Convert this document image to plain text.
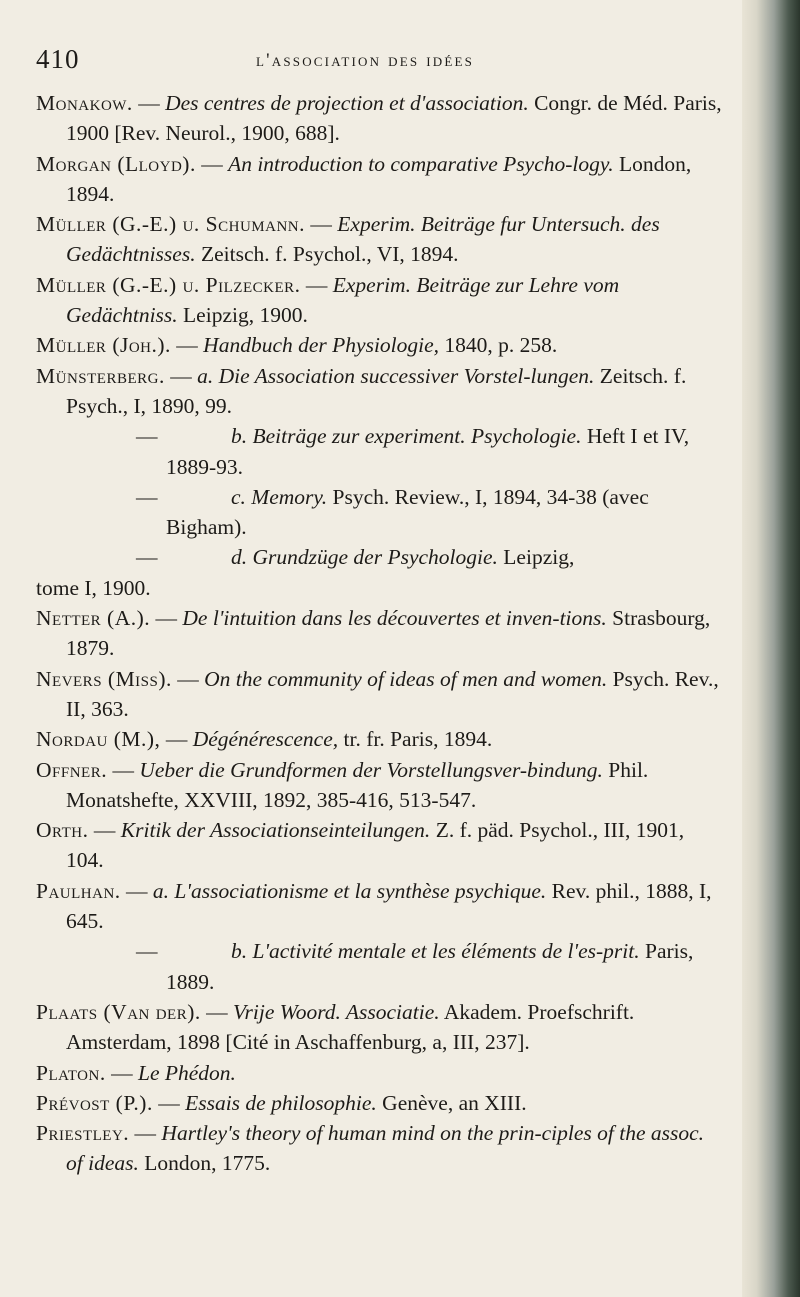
410	l'association des idées

Monakow. — Des centres de projection et d'association. Congr. de Méd. Paris, 1900 [Rev. Neurol., 1900, 688].

Morgan (Lloyd). — An introduction to comparative Psycho-logy. London, 1894.

Müller (G.-E.) u. Schumann. — Experim. Beiträge fur Untersuch. des Gedächtnisses. Zeitsch. f. Psychol., VI, 1894.

Müller (G.-E.) u. Pilzecker. — Experim. Beiträge zur Lehre vom Gedächtniss. Leipzig, 1900.

Müller (Joh.). — Handbuch der Physiologie, 1840, p. 258.

Münsterberg. — a. Die Association successiver Vorstel-lungen. Zeitsch. f. Psych., I, 1890, 99.

—	b. Beiträge zur experiment. Psychologie. Heft I et IV, 1889-93.

—	c. Memory. Psych. Review., I, 1894, 34-38 (avec Bigham).

—	d. Grundzüge der Psychologie. Leipzig,

tome I, 1900.

Netter (A.). — De l'intuition dans les découvertes et inven-tions. Strasbourg, 1879.

Nevers (Miss). — On the community of ideas of men and women. Psych. Rev., II, 363.

Nordau (M.), — Dégénérescence, tr. fr. Paris, 1894.

Offner. — Ueber die Grundformen der Vorstellungsver-bindung. Phil. Monatshefte, XXVIII, 1892, 385-416, 513-547.

Orth. — Kritik der Associationseinteilungen. Z. f. päd. Psychol., III, 1901, 104.

Paulhan. — a. L'associationisme et la synthèse psychique. Rev. phil., 1888, I, 645.

—	b. L'activité mentale et les éléments de l'es-prit. Paris, 1889.

Plaats (Van der). — Vrije Woord. Associatie. Akadem. Proefschrift. Amsterdam, 1898 [Cité in Aschaffenburg, a, III, 237].

Platon. — Le Phédon.

Prévost (P.). — Essais de philosophie. Genève, an XIII.

Priestley. — Hartley's theory of human mind on the prin-ciples of the assoc. of ideas. London, 1775.
